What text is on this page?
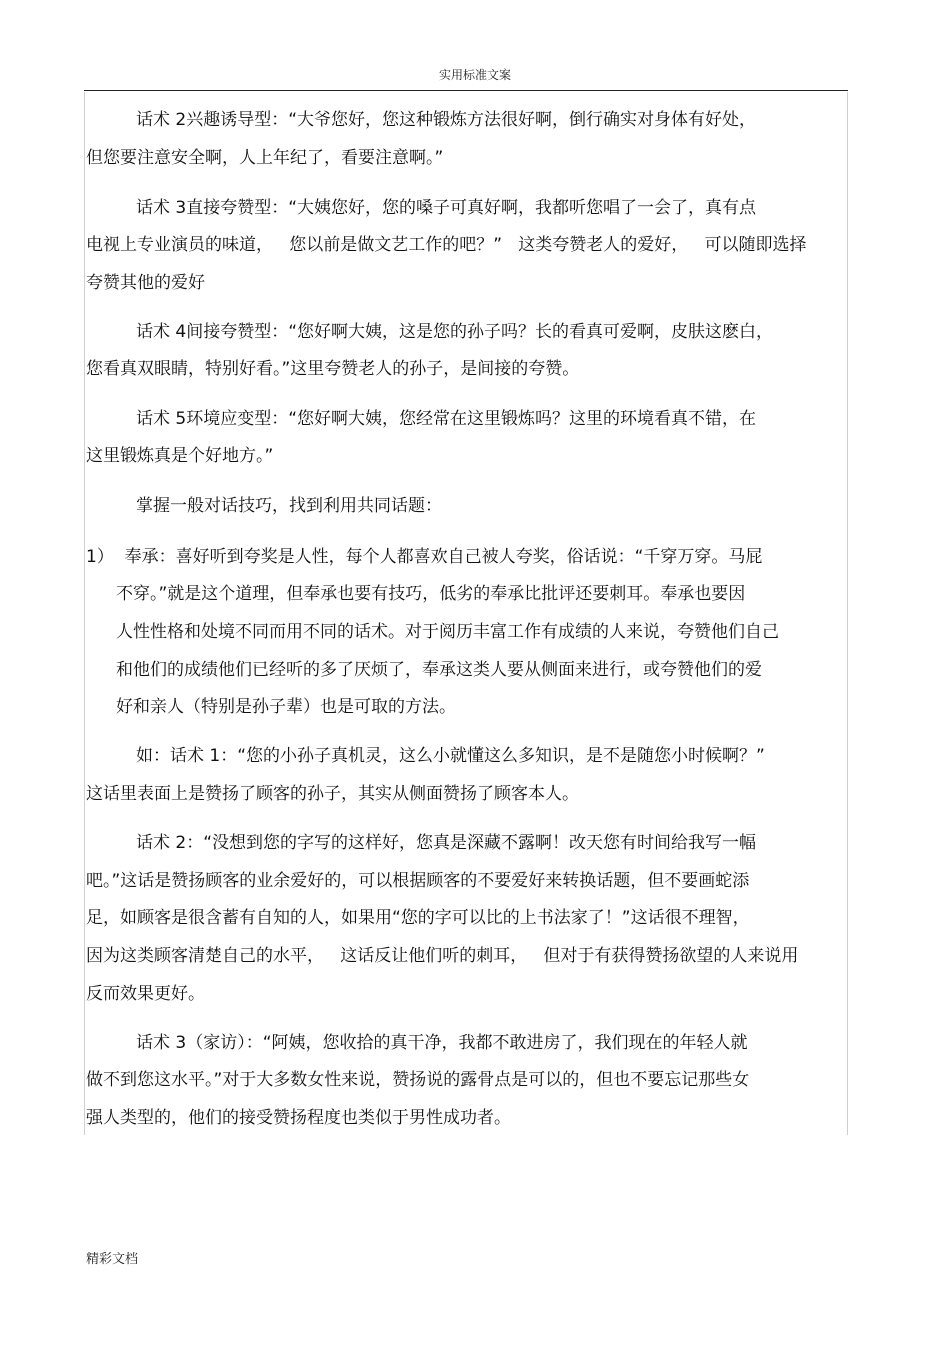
实用标准文案
话术 2兴趣诱导型：“大爷您好，您这种锻炼方法很好啊，倒行确实对身体有好处，
但您要注意安全啊，人上年纪了，看要注意啊。”
话术 3直接夸赞型：“大姨您好，您的嗓子可真好啊，我都听您唱了一会了，真有点
电视上专业演员的味道，   您以前是做文艺工作的吧？”   这类夸赞老人的爱好，   可以随即选择
夸赞其他的爱好
话术 4间接夸赞型：“您好啊大姨，这是您的孙子吗？长的看真可爱啊，皮肤这麽白，
您看真双眼睛，特别好看。”这里夸赞老人的孙子，是间接的夸赞。
话术 5环境应变型：“您好啊大姨，您经常在这里锻炼吗？这里的环境看真不错，在
这里锻炼真是个好地方。”
掌握一般对话技巧，找到利用共同话题：
1）  奉承：喜好听到夸奖是人性，每个人都喜欢自己被人夸奖，俗话说：“千穿万穿。马屁
不穿。”就是这个道理，但奉承也要有技巧，低劣的奉承比批评还要刺耳。奉承也要因
人性性格和处境不同而用不同的话术。对于阅历丰富工作有成绩的人来说，夸赞他们自己
和他们的成绩他们已经听的多了厌烦了，奉承这类人要从侧面来进行，或夸赞他们的爱
好和亲人（特别是孙子辈）也是可取的方法。
如：话术 1：“您的小孙子真机灵，这么小就懂这么多知识，是不是随您小时候啊？”
这话里表面上是赞扬了顾客的孙子，其实从侧面赞扬了顾客本人。
话术 2：“没想到您的字写的这样好，您真是深藏不露啊！改天您有时间给我写一幅
吧。”这话是赞扬顾客的业余爱好的，可以根据顾客的不要爱好来转换话题，但不要画蛇添
足，如顾客是很含蓄有自知的人，如果用“您的字可以比的上书法家了！”这话很不理智，
因为这类顾客清楚自己的水平，   这话反让他们听的刺耳，   但对于有获得赞扬欲望的人来说用
反而效果更好。
话术 3（家访）：“阿姨，您收拾的真干净，我都不敢进房了，我们现在的年轻人就
做不到您这水平。”对于大多数女性来说，赞扬说的露骨点是可以的，但也不要忘记那些女
强人类型的，他们的接受赞扬程度也类似于男性成功者。
精彩文档
